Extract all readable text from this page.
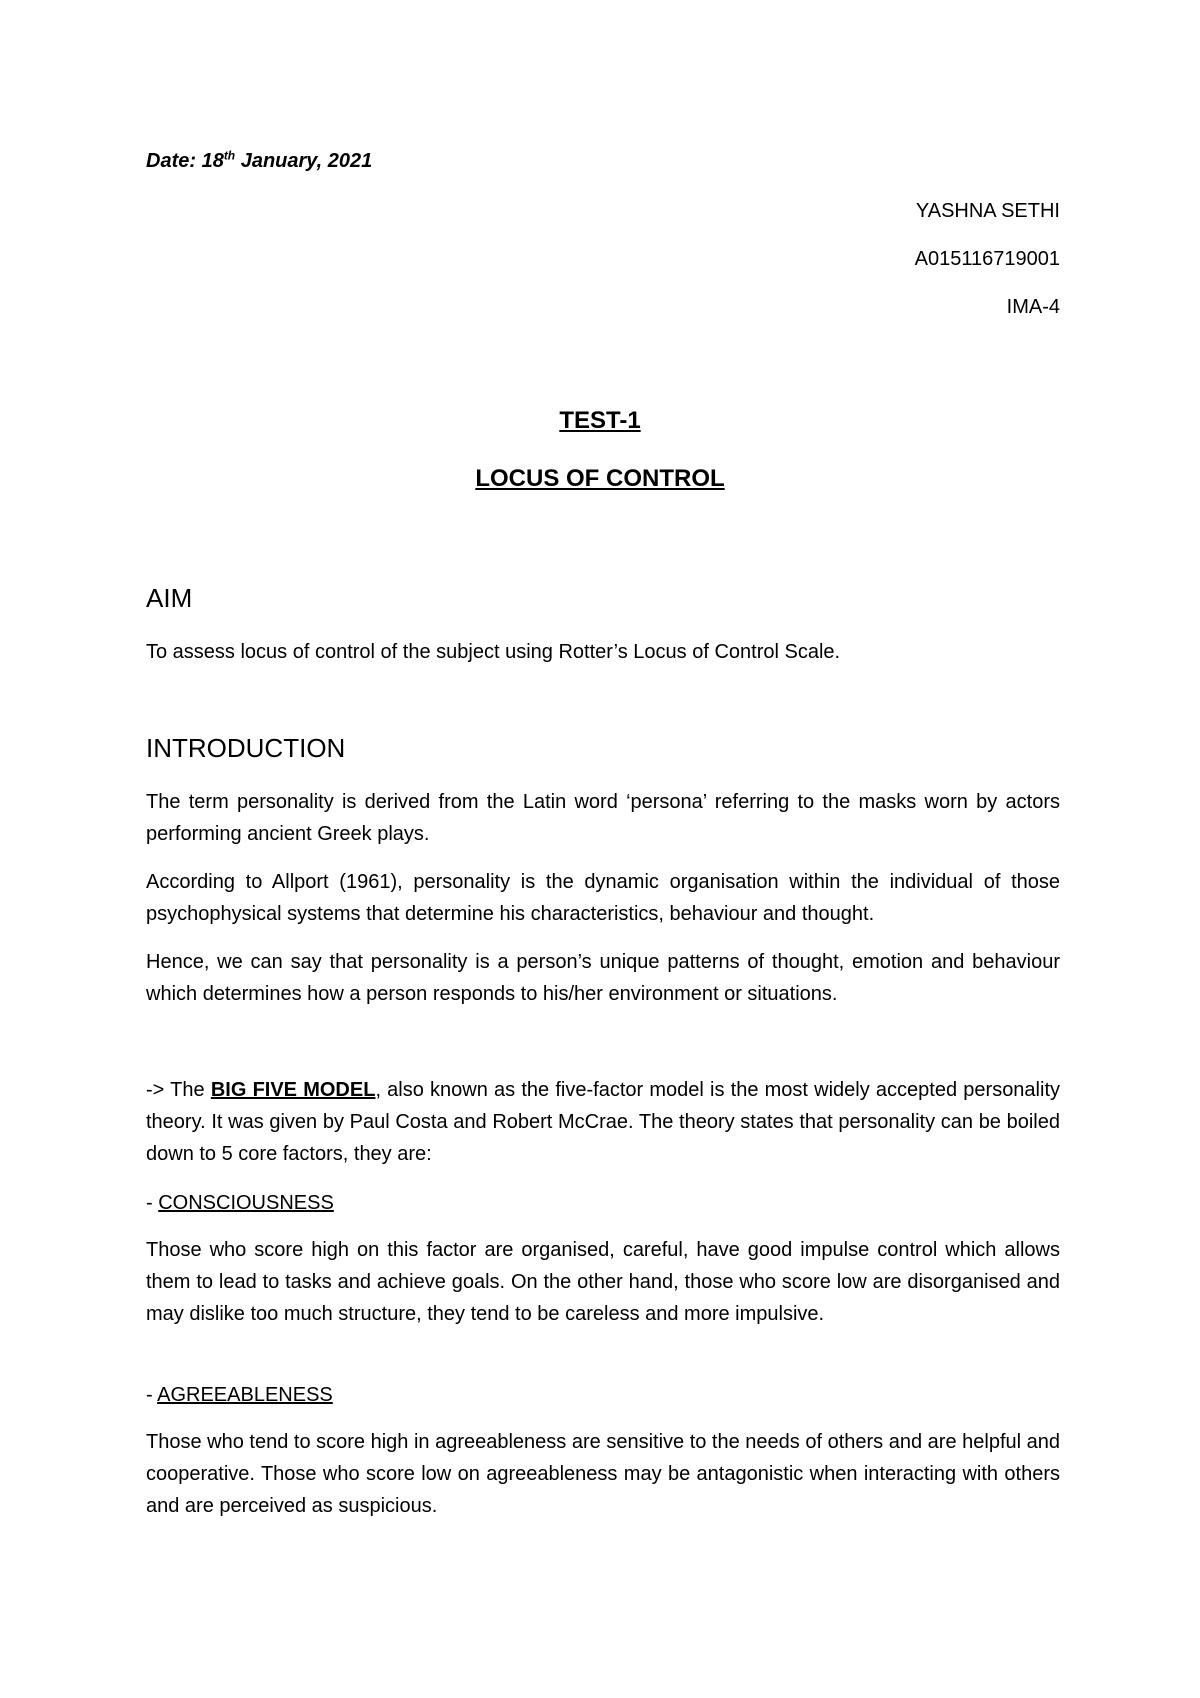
Date: 18th January, 2021
YASHNA SETHI
A015116719001
IMA-4
TEST-1
LOCUS OF CONTROL
AIM
To assess locus of control of the subject using Rotter’s Locus of Control Scale.
INTRODUCTION
The term personality is derived from the Latin word ‘persona’ referring to the masks worn by actors performing ancient Greek plays.
According to Allport (1961), personality is the dynamic organisation within the individual of those psychophysical systems that determine his characteristics, behaviour and thought.
Hence, we can say that personality is a person’s unique patterns of thought, emotion and behaviour which determines how a person responds to his/her environment or situations.
-> The BIG FIVE MODEL, also known as the five-factor model is the most widely accepted personality theory. It was given by Paul Costa and Robert McCrae. The theory states that personality can be boiled down to 5 core factors, they are:
- CONSCIOUSNESS
Those who score high on this factor are organised, careful, have good impulse control which allows them to lead to tasks and achieve goals. On the other hand, those who score low are disorganised and may dislike too much structure, they tend to be careless and more impulsive.
- AGREEABLENESS
Those who tend to score high in agreeableness are sensitive to the needs of others and are helpful and cooperative. Those who score low on agreeableness may be antagonistic when interacting with others and are perceived as suspicious.
